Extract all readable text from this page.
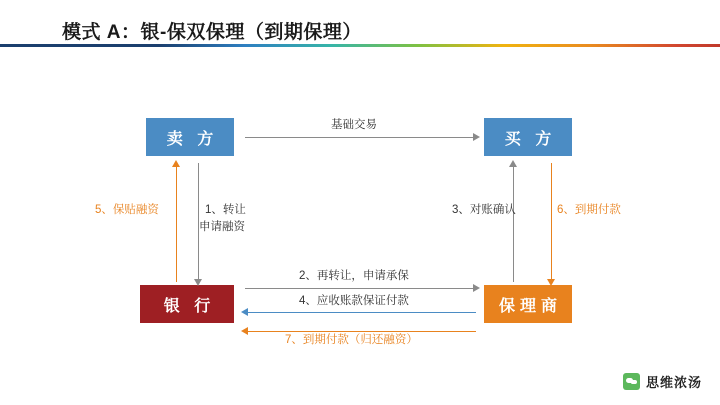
模式 A：银-保双保理（到期保理）
卖 方	买 方
银 行	保理商
基础交易
1、转让
申请融资
5、保贴融资	6、到期付款
3、对账确认
2、再转让，申请承保
4、应收账款保证付款
7、到期付款（归还融资）
思维浓汤
